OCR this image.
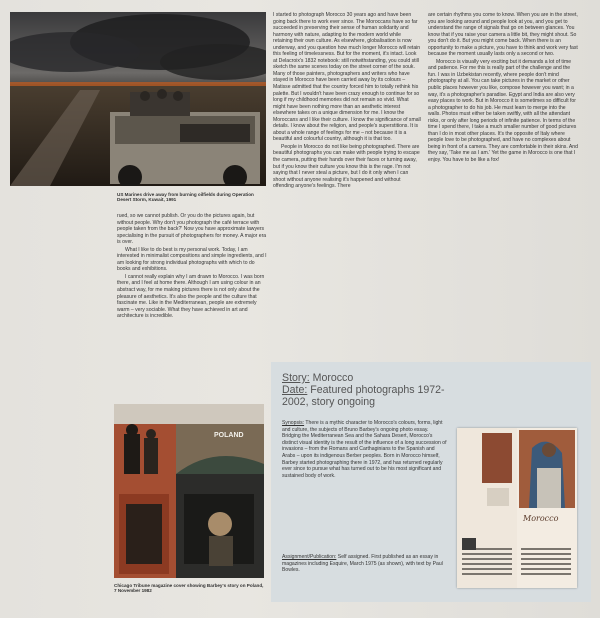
US Marines drive away from burning oilfields during Operation Desert Storm, Kuwait, 1991

rued, so we cannot publish. Or you do the pictures again, but without people. Why don't you photograph the café terrace with people taken from the back?' Now you have approximate lawyers specialising in the pursuit of photographers for money. A major era is over.

What I like to do best is my personal work. Today, I am interested in minimalist compositions and simple ingredients, and I am looking for strong individual photographs with which to do books and exhibitions.

I cannot really explain why I am drawn to Morocco. I was born there, and I feel at home there. Although I am using colour in an abstract way, for me making pictures there is not only about the pleasure of aesthetics. It's also the people and the culture that fascinate me. Like in the Mediterranean, people are extremely warm – very sociable. What they have achieved in art and architecture is incredible.

I started to photograph Morocco 30 years ago and have been going back there to work ever since. The Moroccans have so far succeeded in preserving their sense of human solidarity and harmony with nature, adapting to the modern world while retaining their own culture. As elsewhere, globalisation is now underway, and you question how much longer Morocco will retain this feeling of timelessness. But for the moment, it's intact. Look at Delacroix's 1832 notebook: still notwithstanding, you could still sketch the same scenes today on the street corner of the souk. Many of those painters, photographers and writers who have stayed in Morocco have been carried away by its colours – Matisse admitted that the country forced him to totally rethink his palette. But I wouldn't have been crazy enough to continue for so long if my childhood memories did not remain so vivid. What might have been nothing more than an aesthetic interest elsewhere takes on a unique dimension for me. I know the Moroccans and I like their culture. I know the significance of small details. I know about the religion, and people's superstitions. It is about a whole range of feelings for me – not because it is a beautiful and colourful country, although it is that too.

People in Morocco do not like being photographed. There are beautiful photographs you can make with people trying to escape the camera, putting their hands over their faces or turning away, but if you know their culture you know this is the rage. I'm not saying that I never steal a picture, but I do it only when I can shoot without anyone realising it's happened and without offending anyone's feelings. There

are certain rhythms you come to know. When you are in the street, you are looking around and people look at you, and you get to understand the range of signals that go on between glances. You know that if you raise your camera a little bit, they might shout. So you don't do it. But you might come back. When there is an opportunity to make a picture, you have to think and work very fast because the moment usually lasts only a second or two.

Morocco is visually very exciting but it demands a lot of time and patience. For me this is really part of the challenge and the fun. I was in Uzbekistan recently, where people don't mind photography at all. You can take pictures in the market or other public places however you like, compose however you want; in a way, it's a photographer's paradise. Egypt and India are also very easy places to work. But in Morocco it is sometimes so difficult for a photographer to do his job. He must learn to merge into the walls. Photos must either be taken swiftly, with all the attendant risks, or only after long periods of infinite patience. In terms of the time I spend there, I take a much smaller number of good pictures than I do in most other places. It's the opposite of Italy where people love to be photographed, and have no complexes about being in front of a camera. They are comfortable in their skins. And they say, 'Take me as I am.' Yet the game in Morocco is one that I enjoy. You have to be like a fox!

POLAND
Chicago Tribune magazine cover showing Barbey's story on Poland, 7 November 1982
Story: Morocco
Date: Featured photographs 1972-2002, story ongoing
Synopsis: There is a mythic character to Morocco's colours, forms, light and culture, the subjects of Bruno Barbey's ongoing photo essay. Bridging the Mediterranean Sea and the Sahara Desert, Morocco's distinct visual identity is the result of the influence of a long succession of invasions – from the Romans and Carthaginians to the Spanish and Arabs – upon its indigenous Berber peoples. Born in Morocco himself, Barbey started photographing there in 1972, and has returned regularly ever since to pursue what has turned out to be his most significant and sustained body of work.
Assignment/Publication: Self assigned. First published as an essay in magazines including Esquire, March 1975 (as shown), with text by Paul Bowles.
Morocco
